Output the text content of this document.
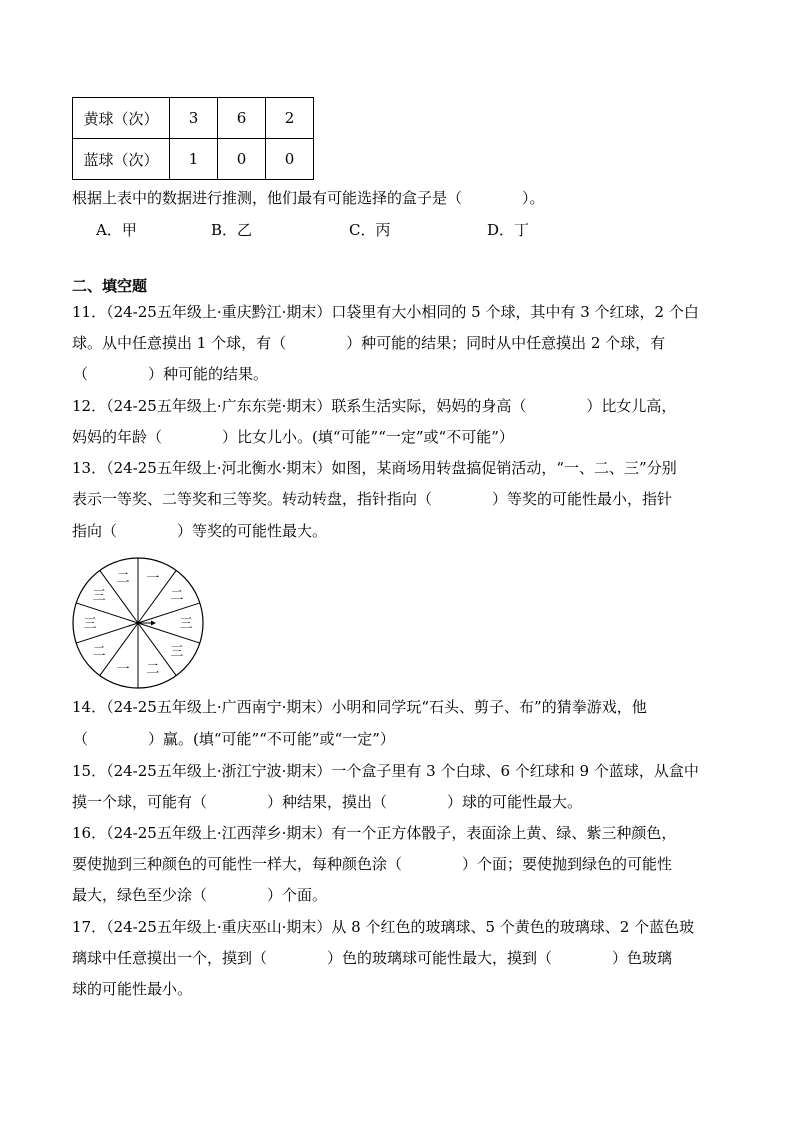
黄球（次）	3	6	2
蓝球（次）	1	0	0
根据上表中的数据进行推测，他们最有可能选择的盒子是（　　　　）。
A．甲	B．乙	C．丙	D．丁
二、填空题
11．（24-25五年级上·重庆黔江·期末）口袋里有大小相同的 5 个球，其中有 3 个红球，2 个白
球。从中任意摸出 1 个球，有（　　　　）种可能的结果；同时从中任意摸出 2 个球，有
（　　　　）种可能的结果。
12．（24-25五年级上·广东东莞·期末）联系生活实际，妈妈的身高（　　　　）比女儿高，
妈妈的年龄（　　　　）比女儿小。(填“可能”“一定”或“不可能”）
13．（24-25五年级上·河北衡水·期末）如图，某商场用转盘搞促销活动，“一、二、三”分别
表示一等奖、二等奖和三等奖。转动转盘，指针指向（　　　　）等奖的可能性最小，指针
指向（　　　　）等奖的可能性最大。
一
二
三
三
二
一
二
三
三
二
14．（24-25五年级上·广西南宁·期末）小明和同学玩“石头、剪子、布”的猜拳游戏，他
（　　　　）赢。(填“可能”“不可能”或“一定”）
15．（24-25五年级上·浙江宁波·期末）一个盒子里有 3 个白球、6 个红球和 9 个蓝球，从盒中
摸一个球，可能有（　　　　）种结果，摸出（　　　　）球的可能性最大。
16．（24-25五年级上·江西萍乡·期末）有一个正方体骰子，表面涂上黄、绿、紫三种颜色，
要使抛到三种颜色的可能性一样大，每种颜色涂（　　　　）个面；要使抛到绿色的可能性
最大，绿色至少涂（　　　　）个面。
17．（24-25五年级上·重庆巫山·期末）从 8 个红色的玻璃球、5 个黄色的玻璃球、2 个蓝色玻
璃球中任意摸出一个，摸到（　　　　）色的玻璃球可能性最大，摸到（　　　　）色玻璃
球的可能性最小。
